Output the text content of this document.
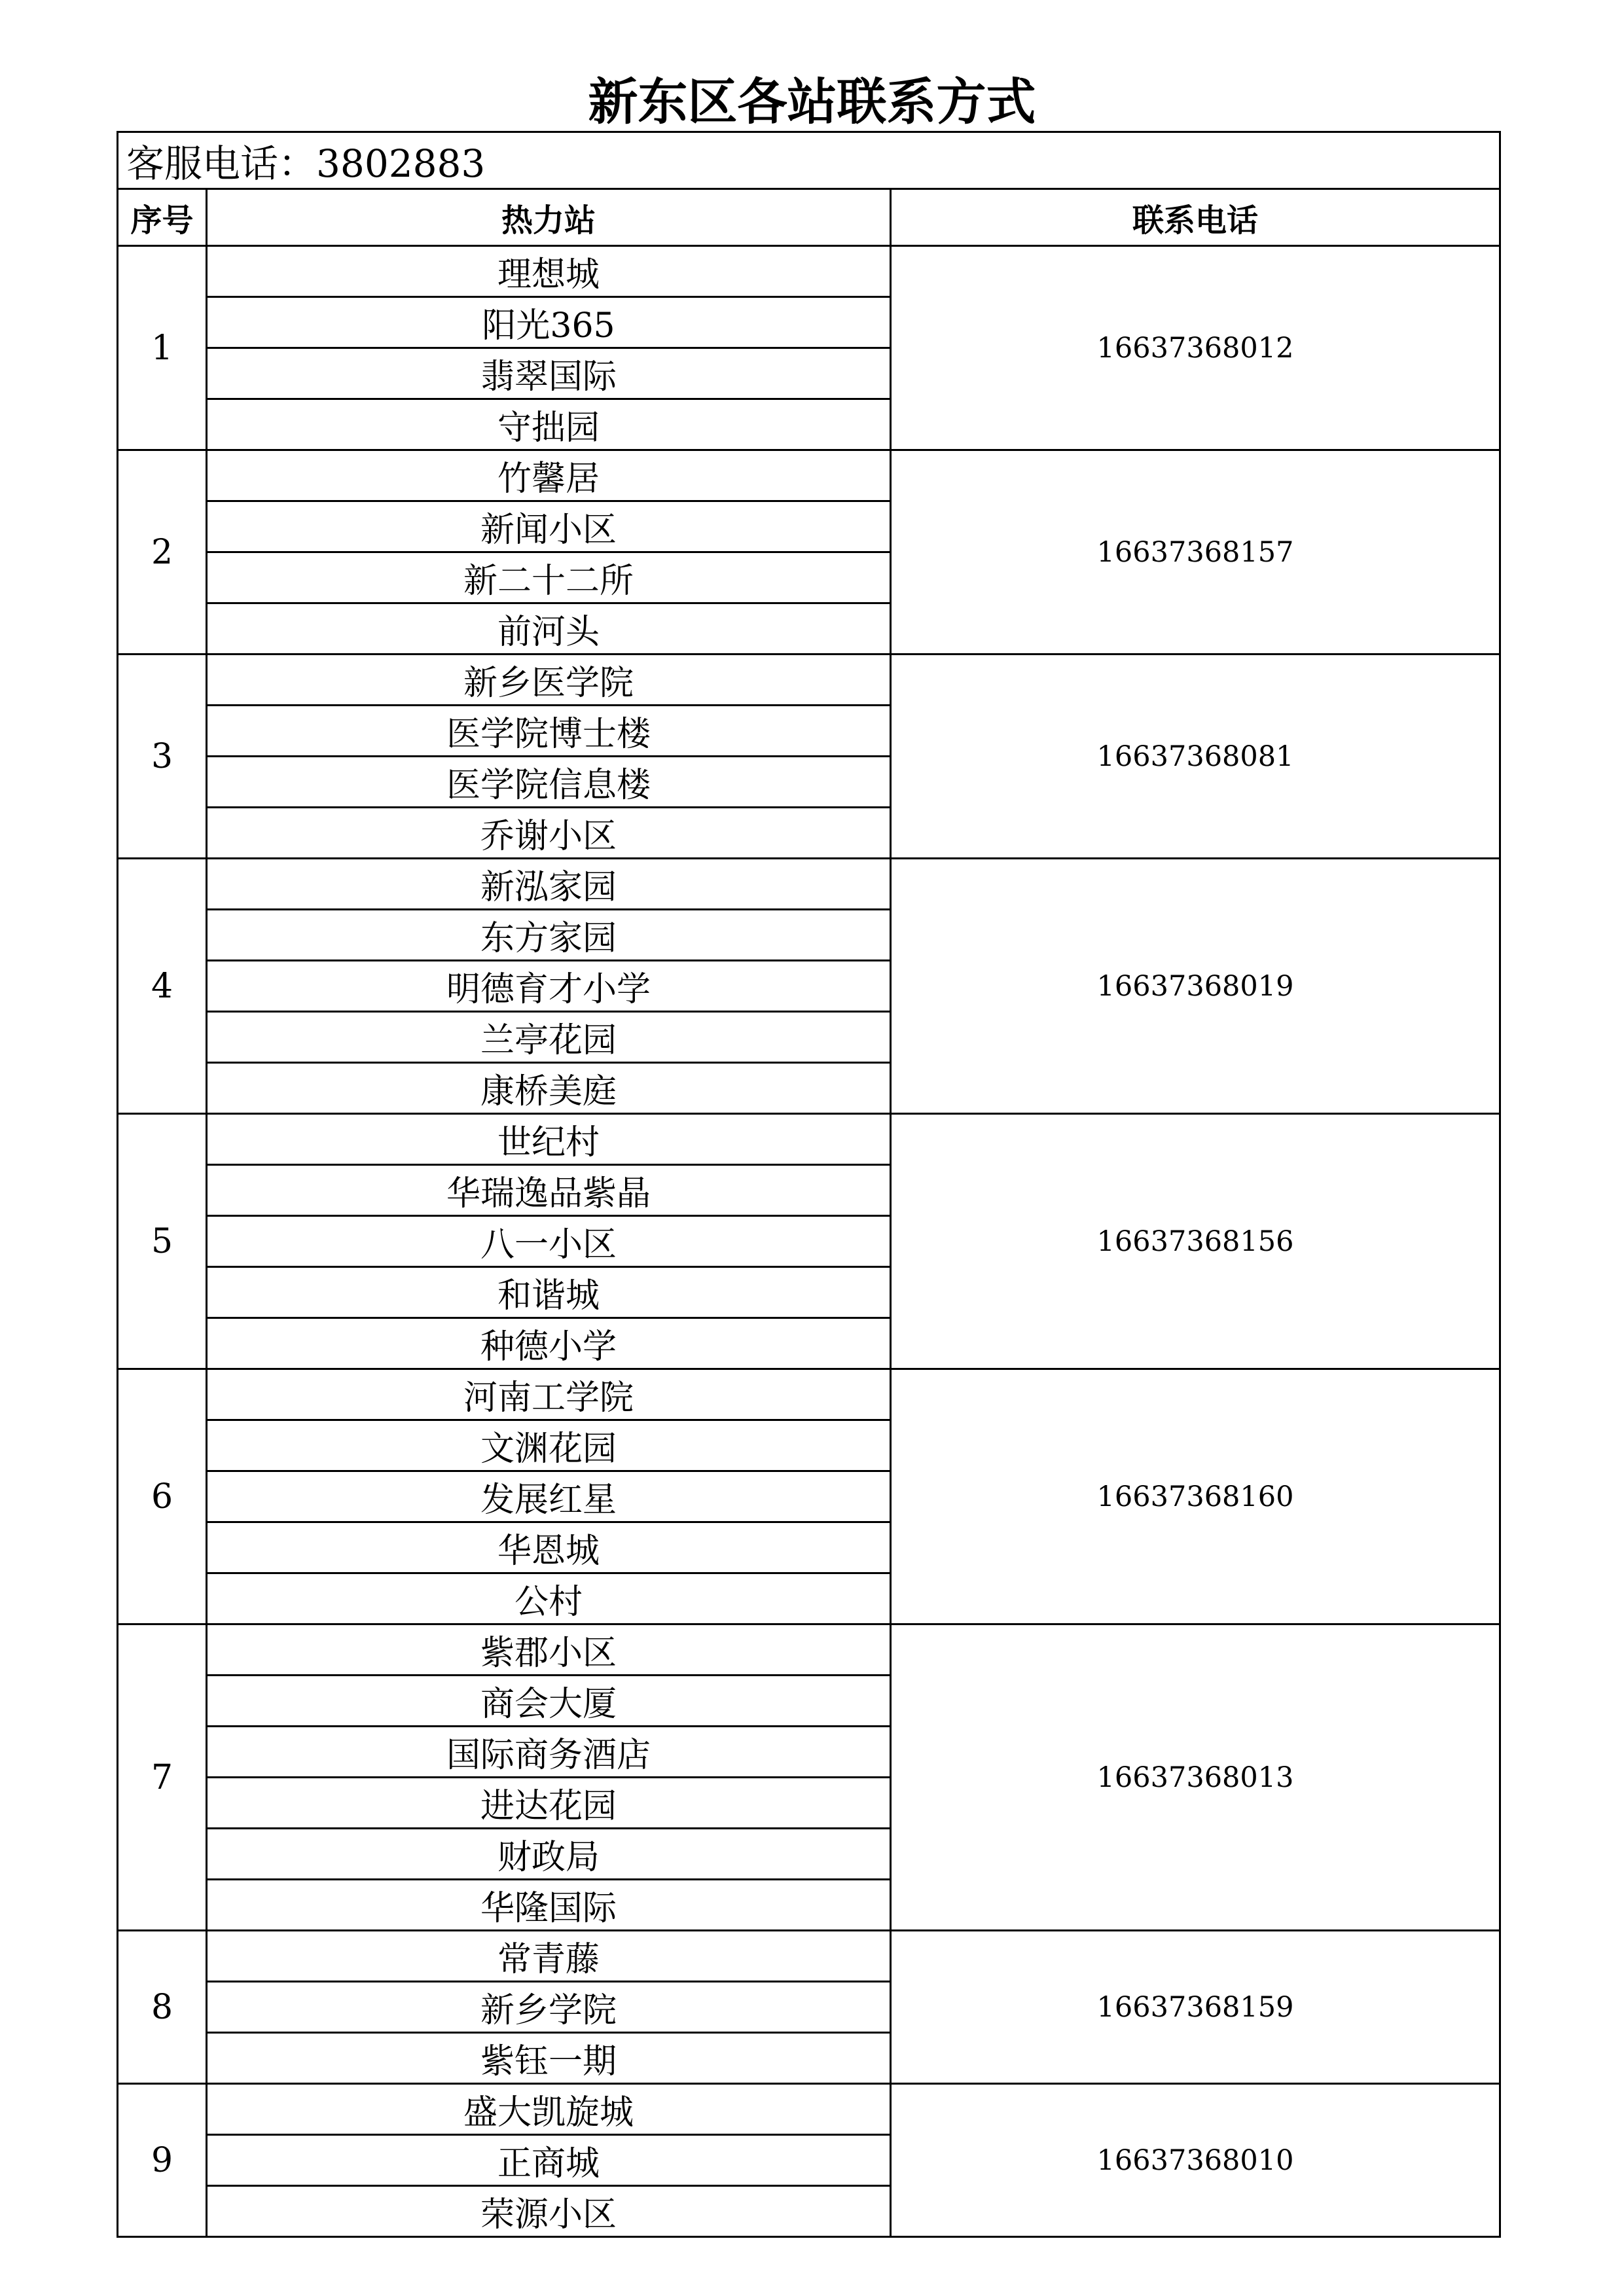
新东区各站联系方式
客服电话：3802883		
序号	热力站	联系电话
1	理想城	16637368012
	阳光365	
	翡翠国际	
	守拙园	
2	竹馨居	16637368157
	新闻小区	
	新二十二所	
	前河头	
3	新乡医学院	16637368081
	医学院博士楼	
	医学院信息楼	
	乔谢小区	
4	新泓家园	16637368019
	东方家园	
	明德育才小学	
	兰亭花园	
	康桥美庭	
5	世纪村	16637368156
	华瑞逸品紫晶	
	八一小区	
	和谐城	
	种德小学	
6	河南工学院	16637368160
	文渊花园	
	发展红星	
	华恩城	
	公村	
7	紫郡小区	16637368013
	商会大厦	
	国际商务酒店	
	进达花园	
	财政局	
	华隆国际	
8	常青藤	16637368159
	新乡学院	
	紫钰一期	
9	盛大凯旋城	16637368010
	正商城	
	荣源小区	
